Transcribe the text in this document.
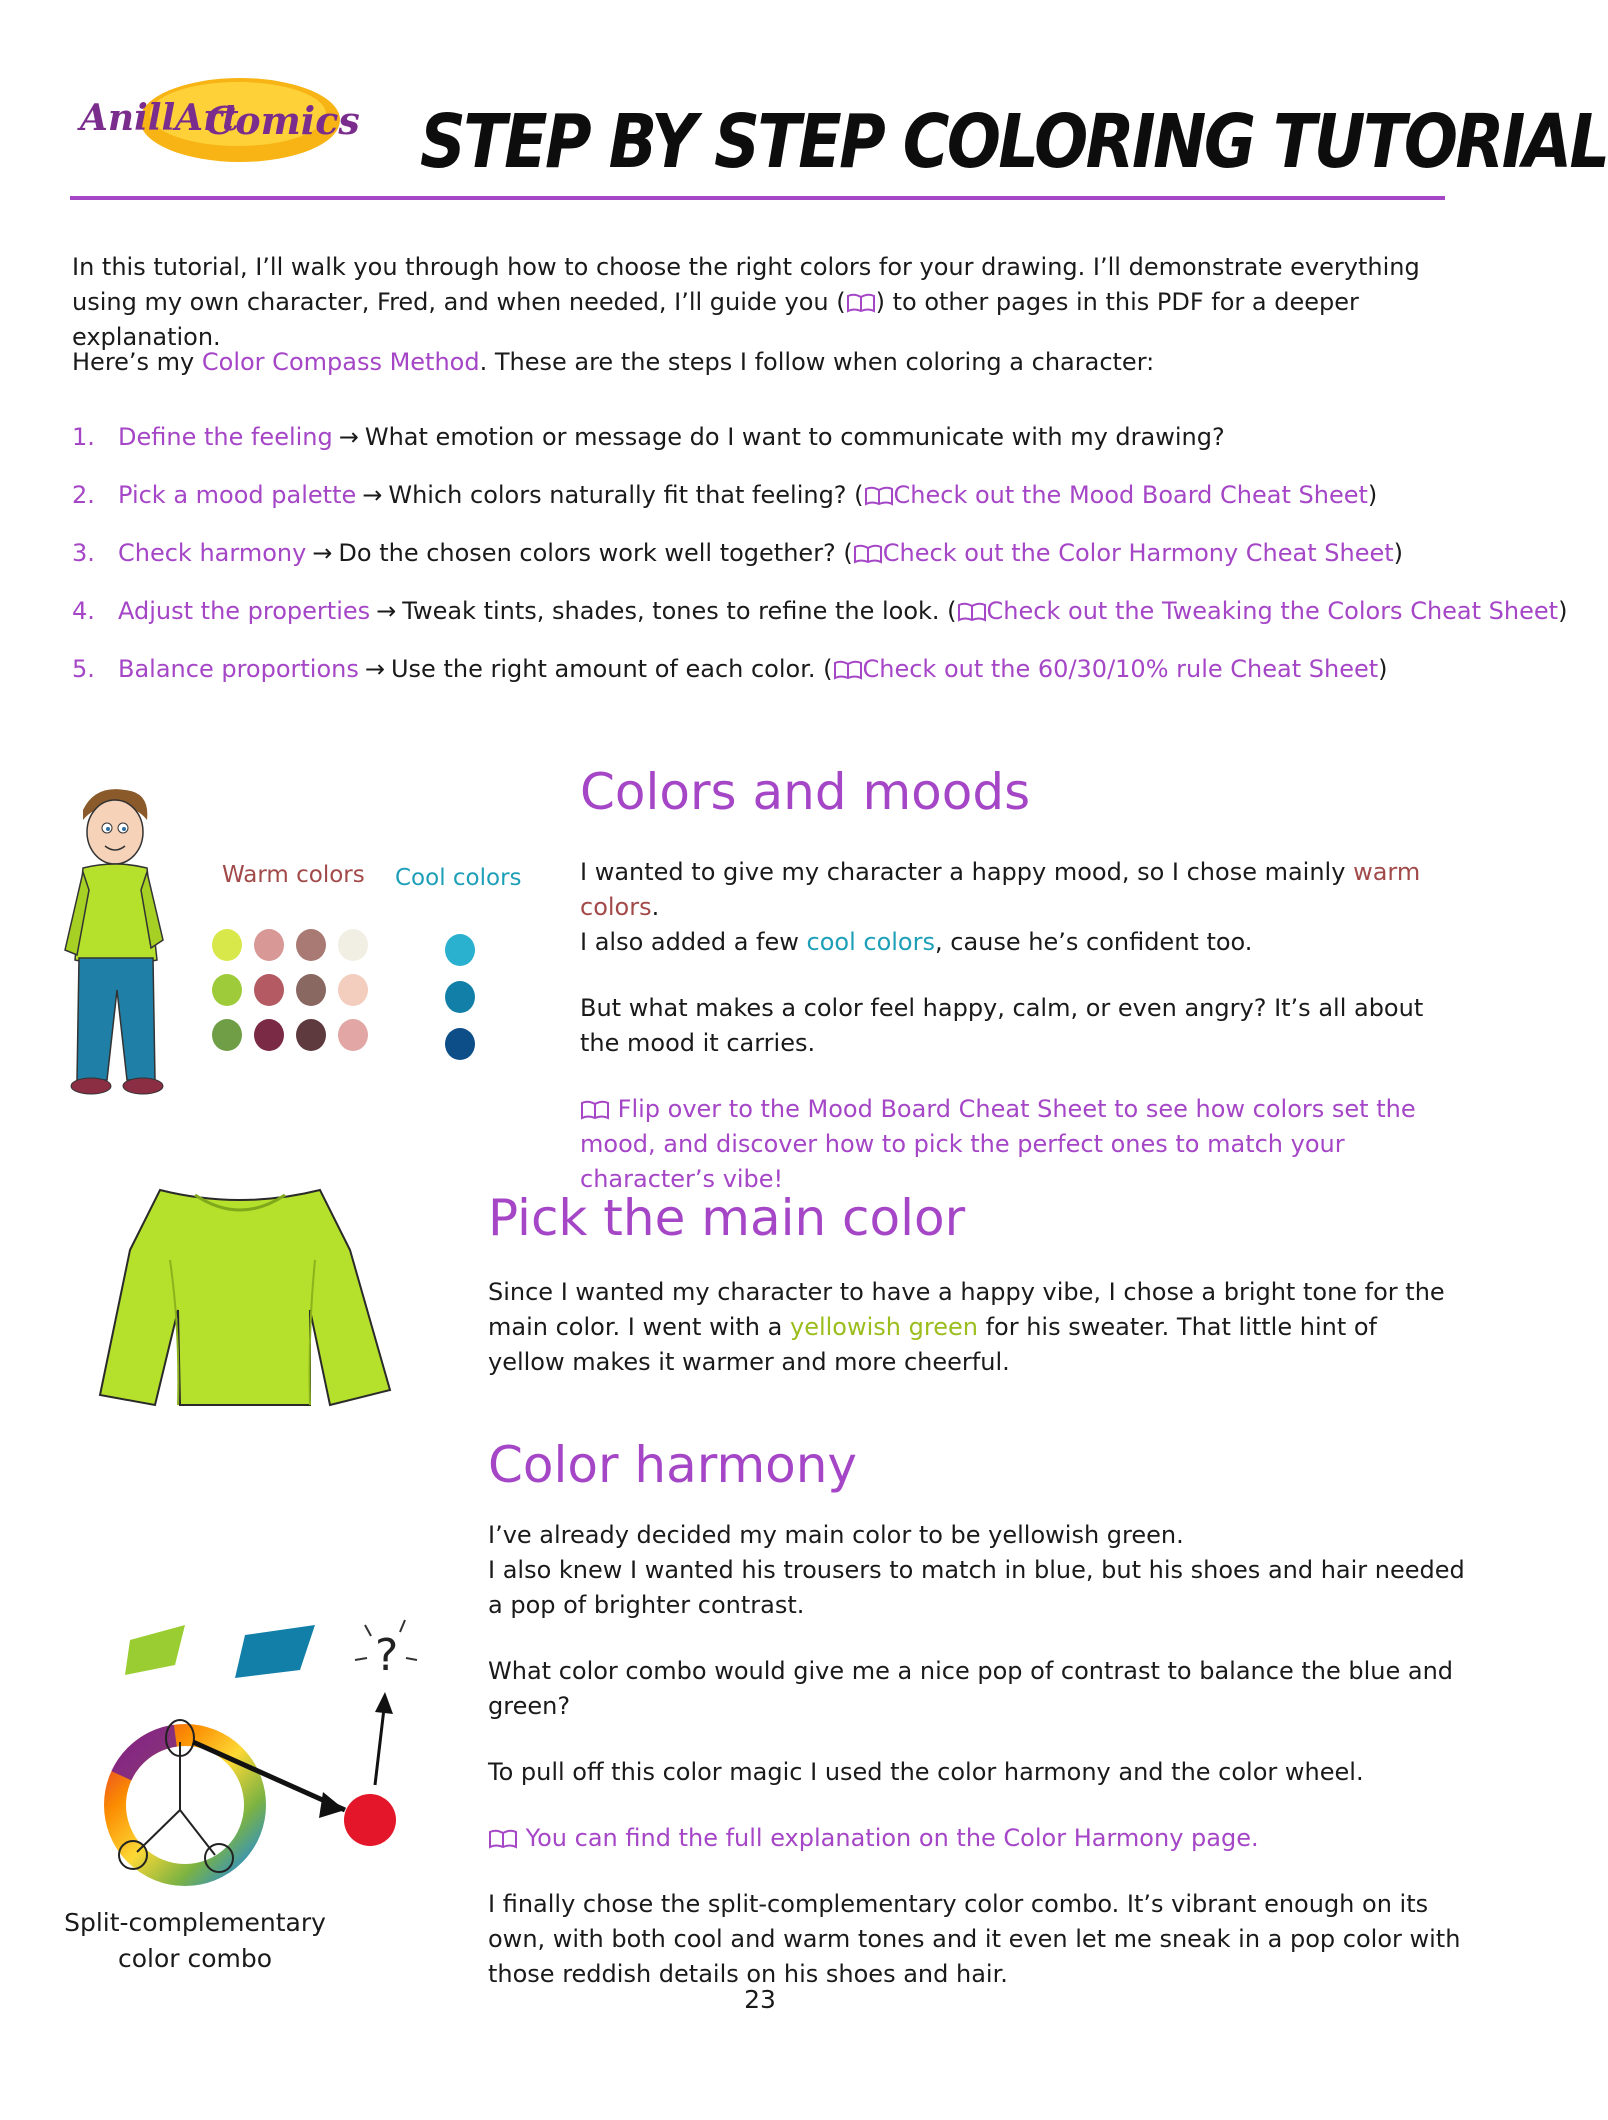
AnillArt
Comics STEP BY STEP COLORING TUTORIAL
In this tutorial, I’ll walk you through how to choose the right colors for your drawing. I’ll demonstrate everything using my own character, Fred, and when needed, I’ll guide you ( ) to other pages in this PDF for a deeper explanation.
Here’s my Color Compass Method. These are the steps I follow when coloring a character:
1. Define the feeling → What emotion or message do I want to communicate with my drawing?
2. Pick a mood palette → Which colors naturally fit that feeling? ( Check out the Mood Board Cheat Sheet)
3. Check harmony → Do the chosen colors work well together? ( Check out the Color Harmony Cheat Sheet)
4. Adjust the properties → Tweak tints, shades, tones to refine the look. ( Check out the Tweaking the Colors Cheat Sheet)
5. Balance proportions → Use the right amount of each color. ( Check out the 60/30/10% rule Cheat Sheet)
Warm colors Cool colors
Colors and moods

I wanted to give my character a happy mood, so I chose mainly warm colors.
I also added a few cool colors, cause he’s confident too.

But what makes a color feel happy, calm, or even angry? It’s all about the mood it carries.

Flip over to the Mood Board Cheat Sheet to see how colors set the mood, and discover how to pick the perfect ones to match your character’s vibe!

Pick the main color

Since I wanted my character to have a happy vibe, I chose a bright tone for the main color. I went with a yellowish green for his sweater. That little hint of yellow makes it warmer and more cheerful.

?
Split-complementary
color combo
Color harmony

I’ve already decided my main color to be yellowish green.
I also knew I wanted his trousers to match in blue, but his shoes and hair needed a pop of brighter contrast.

What color combo would give me a nice pop of contrast to balance the blue and green?

To pull off this color magic I used the color harmony and the color wheel.

You can find the full explanation on the Color Harmony page.

I finally chose the split-complementary color combo. It’s vibrant enough on its own, with both cool and warm tones and it even let me sneak in a pop color with those reddish details on his shoes and hair.

23
